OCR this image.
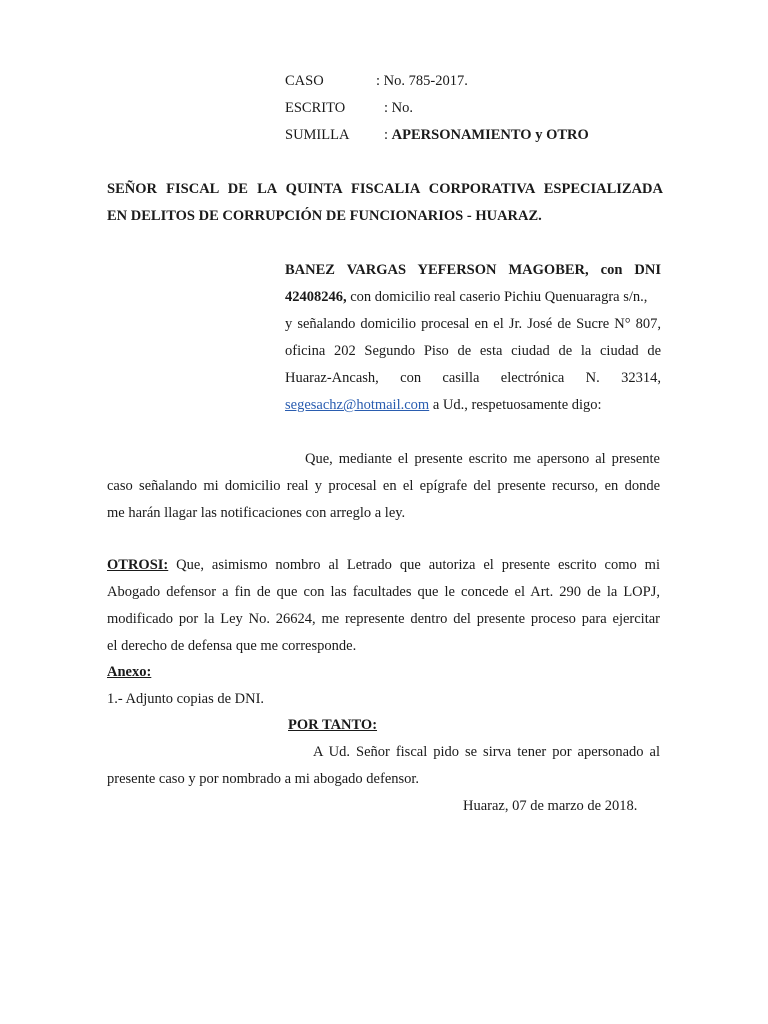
CASO	: No. 785-2017.
ESCRITO	: No.
SUMILLA : APERSONAMIENTO y OTRO
SEÑOR FISCAL DE LA QUINTA FISCALIA CORPORATIVA ESPECIALIZADA
EN DELITOS DE CORRUPCIÓN DE FUNCIONARIOS - HUARAZ.
BANEZ VARGAS YEFERSON MAGOBER, con DNI
42408246, con domicilio real caserio Pichiu Quenuaragra s/n.,
y señalando domicilio procesal en el Jr. José de Sucre N° 807,
oficina 202 Segundo Piso de esta ciudad de la ciudad de
Huaraz-Ancash, con casilla electrónica N. 32314,
segesachz@hotmail.com a Ud., respetuosamente digo:
Que, mediante el presente escrito me apersono al presente
caso señalando mi domicilio real y procesal en el epígrafe del presente recurso, en donde
me harán llagar las notificaciones con arreglo a ley.
OTROSI: Que, asimismo nombro al Letrado que autoriza el presente escrito como mi
Abogado defensor a fin de que con las facultades que le concede el Art. 290 de la LOPJ,
modificado por la Ley No. 26624, me represente dentro del presente proceso para ejercitar
el derecho de defensa que me corresponde.
Anexo:
1.- Adjunto copias de DNI.
POR TANTO:
A Ud. Señor fiscal pido se sirva tener por apersonado al
presente caso y por nombrado a mi abogado defensor.
Huaraz, 07 de marzo de 2018.
